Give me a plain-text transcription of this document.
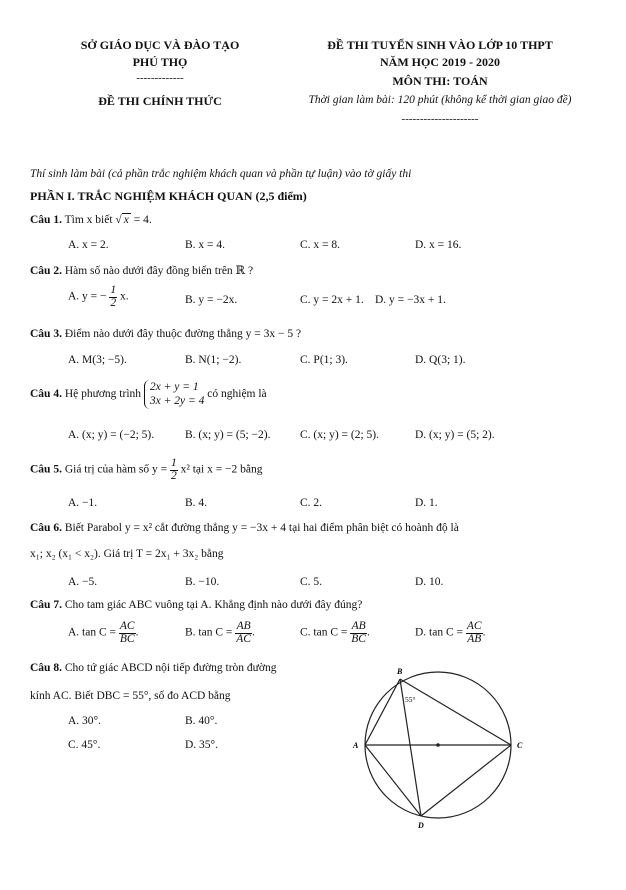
SỞ GIÁO DỤC VÀ ĐÀO TẠO
PHÚ THỌ
-------------
ĐỀ THI CHÍNH THỨC
ĐỀ THI TUYỂN SINH VÀO LỚP 10 THPT
NĂM HỌC 2019 - 2020
MÔN THI: TOÁN
Thời gian làm bài: 120 phút (không kể thời gian giao đề)
---------------------
Thí sinh làm bài (cả phần trắc nghiệm khách quan và phần tự luận) vào tờ giấy thi
PHẦN I. TRẮC NGHIỆM KHÁCH QUAN (2,5 điểm)
Câu 1. Tìm x biết √ x = 4.
A. x = 2.	B. x = 4.	C. x = 8.	D. x = 16.
Câu 2. Hàm số nào dưới đây đồng biến trên ℝ ?
A. y = − $\frac{1}{2} x$.	B. y = −2x.	C. y = 2x + 1. D. y = −3x + 1.
Câu 3. Điểm nào dưới đây thuộc đường thẳng y = 3x − 5 ?
A. M(3; −5).	B. N(1; −2).	C. P(1; 3).	D. Q(3; 1).
Câu 4. Hệ phương trình
2x + y = 1
3x + 2y = 4
có nghiệm là
A. (x; y) = (−2; 5).	B. (x; y) = (5; −2).	C. (x; y) = (2; 5).	D. (x; y) = (5; 2).
Câu 5. Giá trị của hàm số $y = \frac{1}{2} x^2$ tại x = −2 bằng
A. −1.	B. 4.	C. 2.	D. 1.
Câu 6. Biết Parabol y = x² cắt đường thẳng y = −3x + 4 tại hai điểm phân biệt có hoành độ là
x₁; x₂ (x₁ < x₂). Giá trị T = 2x₁ + 3x₂ bằng
A. −5.	B. −10.	C. 5.	D. 10.
Câu 7. Cho tam giác ABC vuông tại A. Khẳng định nào dưới đây đúng?
A. $\tan C = \frac{AC}{BC}$ .	B. $\tan C = \frac{AB}{AC}$ .	C. $\tan C = \frac{AB}{BC}$ .	D. $\tan C = \frac{AC}{AB}$ .
Câu 8. Cho tứ giác ABCD nội tiếp đường tròn đường
kính AC. Biết DBC = 55°, số đo ACD bằng
A. 30°.	B. 40°.
C. 45°.	D. 35°.
B
A	C
D
55°
